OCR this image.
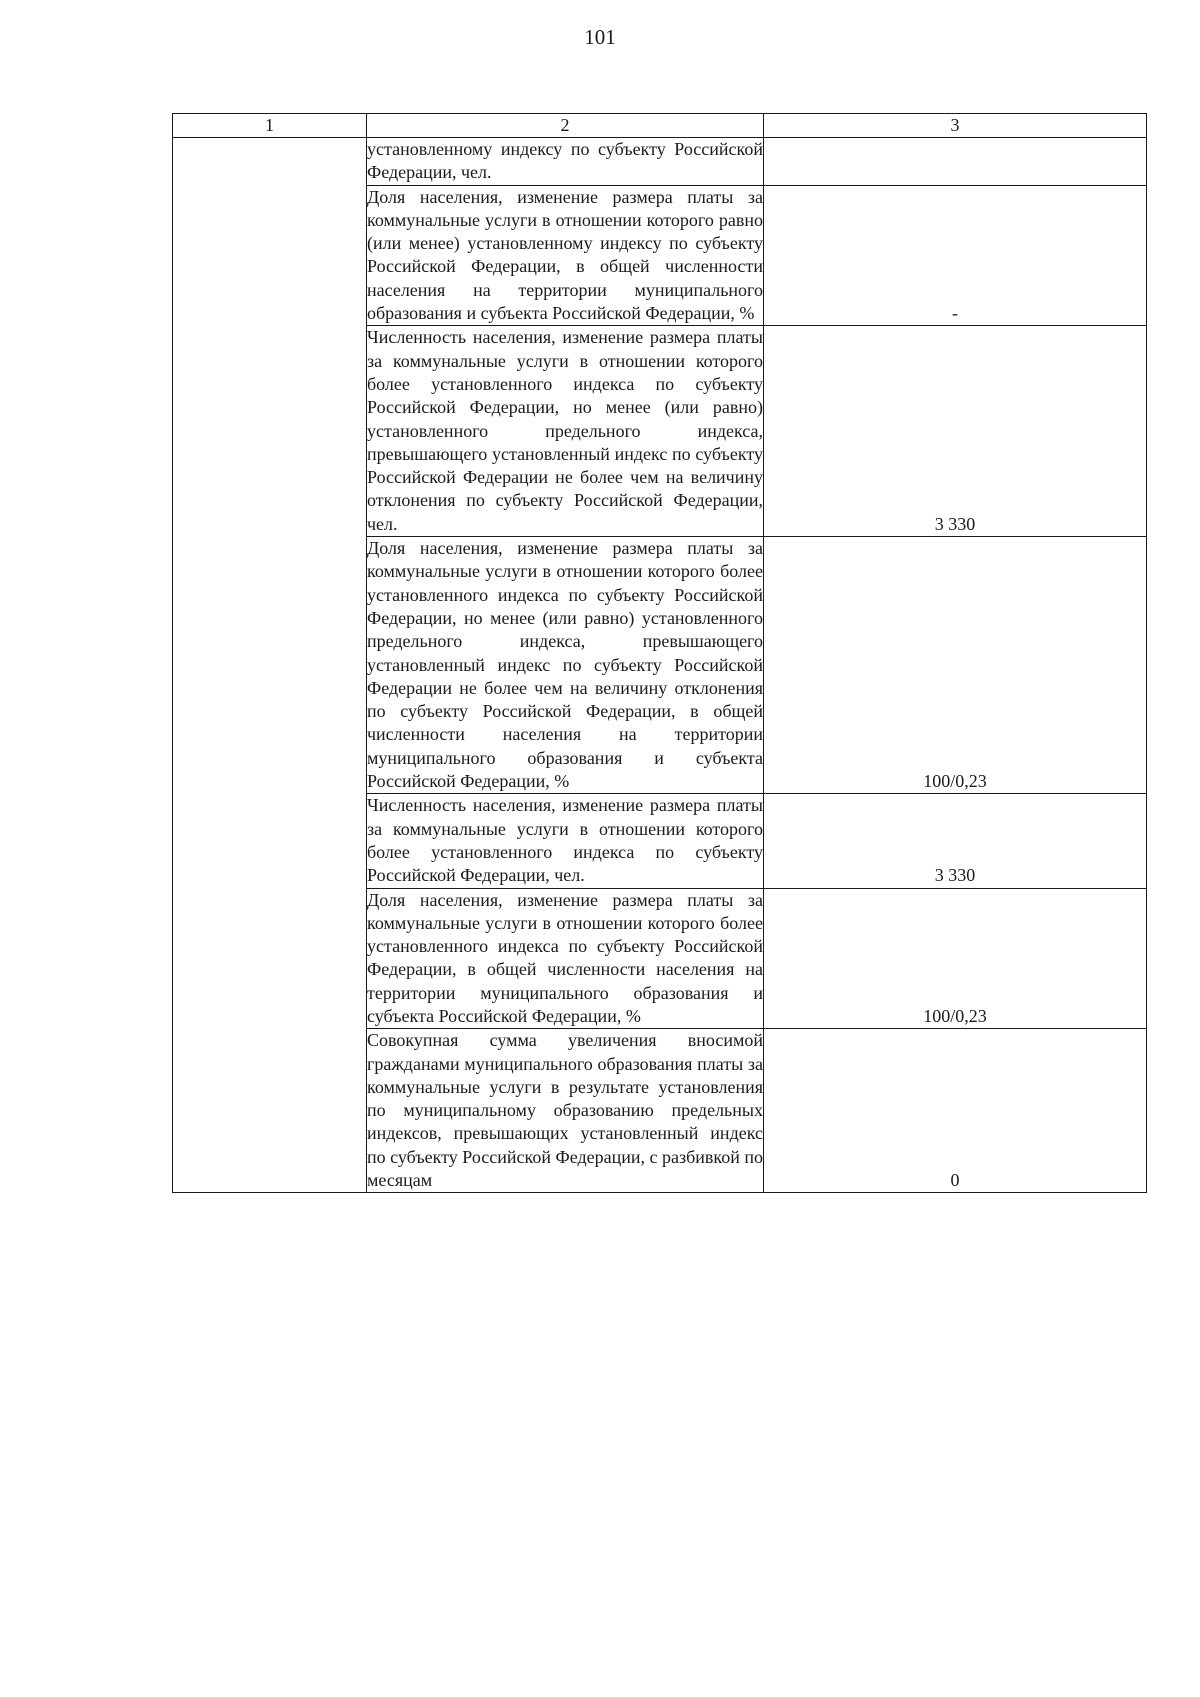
101
1	2	3
	установленному индексу по субъекту Российской Федерации, чел.	
	Доля населения, изменение размера платы за коммунальные услуги в отношении которого равно (или менее) установленному индексу по субъекту Российской Федерации, в общей численности населения на территории муниципального образования и субъекта Российской Федерации, %	-
	Численность населения, изменение размера платы за коммунальные услуги в отношении которого более установленного индекса по субъекту Российской Федерации, но менее (или равно) установленного предельного индекса, превышающего установленный индекс по субъекту Российской Федерации не более чем на величину отклонения по субъекту Российской Федерации, чел.	3 330
	Доля населения, изменение размера платы за коммунальные услуги в отношении которого более установленного индекса по субъекту Российской Федерации, но менее (или равно) установленного предельного индекса, превышающего установленный индекс по субъекту Российской Федерации не более чем на величину отклонения по субъекту Российской Федерации, в общей численности населения на территории муниципального образования и субъекта Российской Федерации, %	100/0,23
	Численность населения, изменение размера платы за коммунальные услуги в отношении которого более установленного индекса по субъекту Российской Федерации, чел.	3 330
	Доля населения, изменение размера платы за коммунальные услуги в отношении которого более установленного индекса по субъекту Российской Федерации, в общей численности населения на территории муниципального образования и субъекта Российской Федерации, %	100/0,23
	Совокупная сумма увеличения вносимой гражданами муниципального образования платы за коммунальные услуги в результате установления по муниципальному образованию предельных индексов, превышающих установленный индекс по субъекту Российской Федерации, с разбивкой по месяцам	0
